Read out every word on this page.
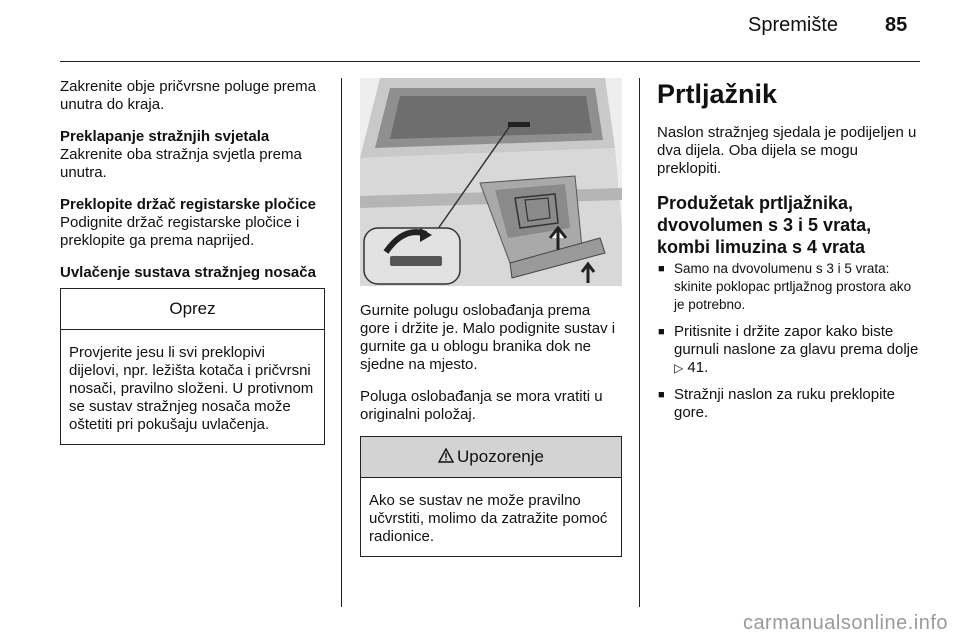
Spremište 85

Zakrenite obje pričvrsne poluge prema unutra do kraja.

Preklapanje stražnjih svjetala

Zakrenite oba stražnja svjetla prema unutra.

Preklopite držač registarske pločice

Podignite držač registarske pločice i preklopite ga prema naprijed.

Uvlačenje sustava stražnjeg nosača
Oprez
Provjerite jesu li svi preklopivi dijelovi, npr. ležišta kotača i pričvrsni nosači, pravilno složeni. U protivnom se sustav stražnjeg nosača može oštetiti pri pokušaju uvlačenja.

Gurnite polugu oslobađanja prema gore i držite je. Malo podignite sustav i gurnite ga u oblogu branika dok ne sjedne na mjesto.

Poluga oslobađanja se mora vratiti u originalni položaj.

Upozorenje
Ako se sustav ne može pravilno učvrstiti, molimo da zatražite pomoć radionice.
Prtljažnik

Naslon stražnjeg sjedala je podijeljen u dva dijela. Oba dijela se mogu preklopiti.

Produžetak prtljažnika, dvovolumen s 3 i 5 vrata, kombi limuzina s 4 vrata
■ Samo na dvovolumenu s 3 i 5 vrata: skinite poklopac prtljažnog prostora ako je potrebno.
■ Pritisnite i držite zapor kako biste gurnuli naslone za glavu prema dolje ▷ 41.
■ Stražnji naslon za ruku preklopite gore.
carmanualsonline.info
